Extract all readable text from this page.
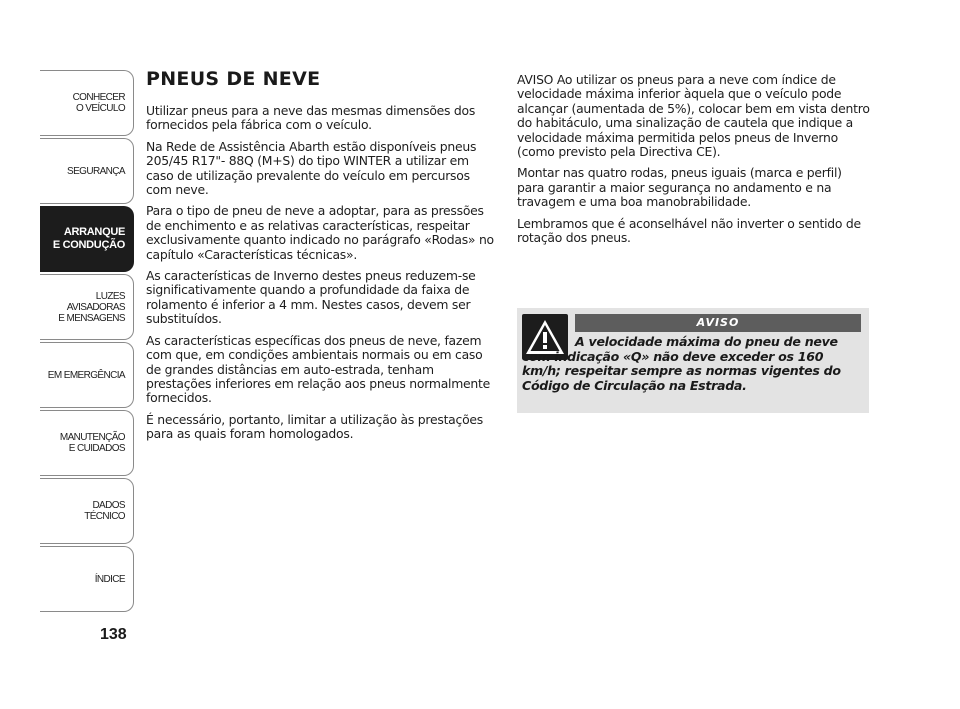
CONHECER
O VEÍCULO
SEGURANÇA
ARRANQUE
E CONDUÇÃO
LUZES
AVISADORAS
E MENSAGENS
EM EMERGÊNCIA
MANUTENÇÃO
E CUIDADOS
DADOS
TÉCNICO
ÍNDICE
138
PNEUS DE NEVE

Utilizar pneus para a neve das mesmas dimensões dos fornecidos pela fábrica com o veículo.

Na Rede de Assistência Abarth estão disponíveis pneus 205/45 R17"- 88Q (M+S) do tipo WINTER a utilizar em caso de utilização prevalente do veículo em percursos com neve.

Para o tipo de pneu de neve a adoptar, para as pressões de enchimento e as relativas características, respeitar exclusivamente quanto indicado no parágrafo «Rodas» no capítulo «Características técnicas».

As características de Inverno destes pneus reduzem-se significativamente quando a profundidade da faixa de rolamento é inferior a 4 mm. Nestes casos, devem ser substituídos.

As características específicas dos pneus de neve, fazem com que, em condições ambientais normais ou em caso de grandes distâncias em auto-estrada, tenham prestações inferiores em relação aos pneus normalmente fornecidos.

É necessário, portanto, limitar a utilização às prestações para as quais foram homologados.

AVISO Ao utilizar os pneus para a neve com índice de velocidade máxima inferior àquela que o veículo pode alcançar (aumentada de 5%), colocar bem em vista dentro do habitáculo, uma sinalização de cautela que indique a velocidade máxima permitida pelos pneus de Inverno (como previsto pela Directiva CE).

Montar nas quatro rodas, pneus iguais (marca e perfil) para garantir a maior segurança no andamento e na travagem e uma boa manobrabilidade.

Lembramos que é aconselhável não inverter o sentido de rotação dos pneus.

AVISO
A velocidade máxima do pneu de neve com indicação «Q» não deve exceder os 160 km/h; respeitar sempre as normas vigentes do Código de Circulação na Estrada.
